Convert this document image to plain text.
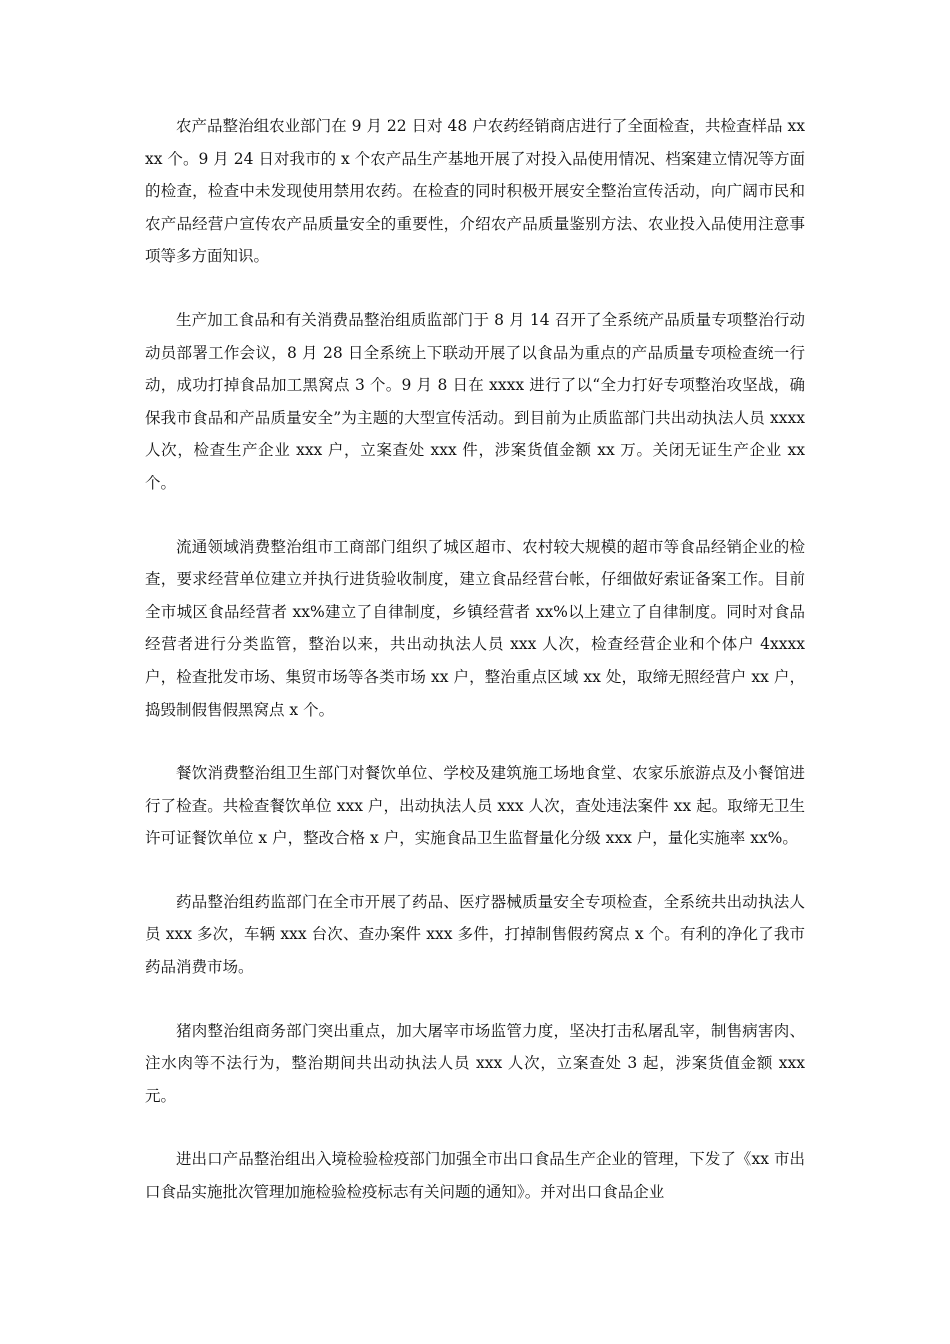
农产品整治组农业部门在 9 月 22 日对 48 户农药经销商店进行了全面检查，共检查样品 xxxx 个。9 月 24 日对我市的 x 个农产品生产基地开展了对投入品使用情况、档案建立情况等方面的检查，检查中未发现使用禁用农药。在检查的同时积极开展安全整治宣传活动，向广阔市民和农产品经营户宣传农产品质量安全的重要性，介绍农产品质量鉴别方法、农业投入品使用注意事项等多方面知识。

生产加工食品和有关消费品整治组质监部门于 8 月 14 召开了全系统产品质量专项整治行动动员部署工作会议，8 月 28 日全系统上下联动开展了以食品为重点的产品质量专项检查统一行动，成功打掉食品加工黑窝点 3 个。9 月 8 日在 xxxx 进行了以“全力打好专项整治攻坚战，确保我市食品和产品质量安全”为主题的大型宣传活动。到目前为止质监部门共出动执法人员 xxxx 人次，检查生产企业 xxx 户，立案查处 xxx 件，涉案货值金额 xx 万。关闭无证生产企业 xx 个。

流通领域消费整治组市工商部门组织了城区超市、农村较大规模的超市等食品经销企业的检查，要求经营单位建立并执行进货验收制度，建立食品经营台帐，仔细做好索证备案工作。目前全市城区食品经营者 xx%建立了自律制度，乡镇经营者 xx%以上建立了自律制度。同时对食品经营者进行分类监管，整治以来，共出动执法人员 xxx 人次，检查经营企业和个体户 4xxxx 户，检查批发市场、集贸市场等各类市场 xx 户，整治重点区域 xx 处，取缔无照经营户 xx 户，捣毁制假售假黑窝点 x 个。

餐饮消费整治组卫生部门对餐饮单位、学校及建筑施工场地食堂、农家乐旅游点及小餐馆进行了检查。共检查餐饮单位 xxx 户，出动执法人员 xxx 人次，查处违法案件 xx 起。取缔无卫生许可证餐饮单位 x 户，整改合格 x 户，实施食品卫生监督量化分级 xxx 户，量化实施率 xx%。

药品整治组药监部门在全市开展了药品、医疗器械质量安全专项检查，全系统共出动执法人员 xxx 多次，车辆 xxx 台次、查办案件 xxx 多件，打掉制售假药窝点 x 个。有利的净化了我市药品消费市场。

猪肉整治组商务部门突出重点，加大屠宰市场监管力度，坚决打击私屠乱宰，制售病害肉、注水肉等不法行为，整治期间共出动执法人员 xxx 人次，立案查处 3 起，涉案货值金额 xxx 元。

进出口产品整治组出入境检验检疫部门加强全市出口食品生产企业的管理，下发了《xx 市出口食品实施批次管理加施检验检疫标志有关问题的通知》。并对出口食品企业
